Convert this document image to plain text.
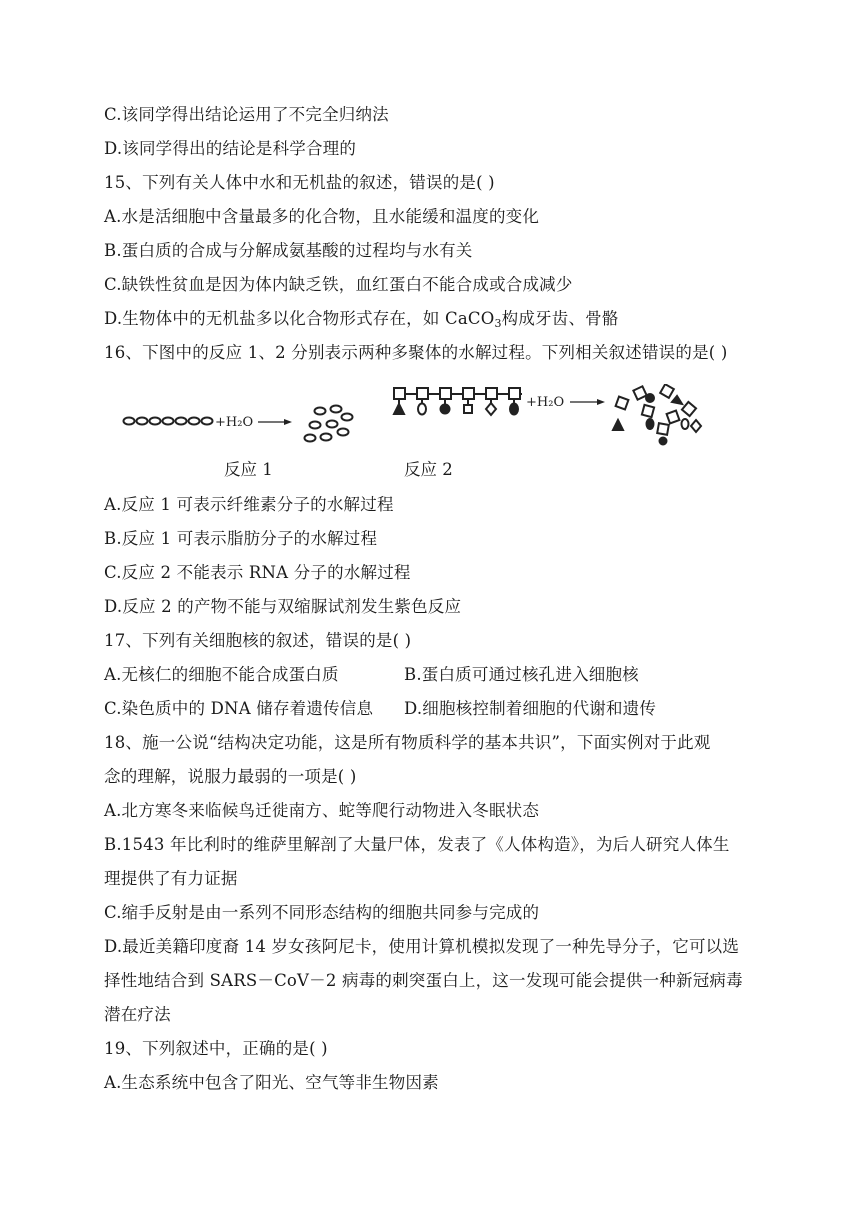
C.该同学得出结论运用了不完全归纳法
D.该同学得出的结论是科学合理的
15、下列有关人体中水和无机盐的叙述，错误的是( )
A.水是活细胞中含量最多的化合物，且水能缓和温度的变化
B.蛋白质的合成与分解成氨基酸的过程均与水有关
C.缺铁性贫血是因为体内缺乏铁，血红蛋白不能合成或合成减少
D.生物体中的无机盐多以化合物形式存在，如 CaCO$_3$构成牙齿、骨骼
16、下图中的反应 1、2 分别表示两种多聚体的水解过程。下列相关叙述错误的是( )
+H₂O
+H₂O
反应 1	反应 2
A.反应 1 可表示纤维素分子的水解过程
B.反应 1 可表示脂肪分子的水解过程
C.反应 2 不能表示 RNA 分子的水解过程
D.反应 2 的产物不能与双缩脲试剂发生紫色反应
17、下列有关细胞核的叙述，错误的是( )
A.无核仁的细胞不能合成蛋白质	B.蛋白质可通过核孔进入细胞核
C.染色质中的 DNA 储存着遗传信息 D.细胞核控制着细胞的代谢和遗传
18、施一公说“结构决定功能，这是所有物质科学的基本共识”，下面实例对于此观
念的理解，说服力最弱的一项是( )
A.北方寒冬来临候鸟迁徙南方、蛇等爬行动物进入冬眠状态
B.1543 年比利时的维萨里解剖了大量尸体，发表了《人体构造》，为后人研究人体生
理提供了有力证据
C.缩手反射是由一系列不同形态结构的细胞共同参与完成的
D.最近美籍印度裔 14 岁女孩阿尼卡，使用计算机模拟发现了一种先导分子，它可以选
择性地结合到 SARS－CoV－2 病毒的刺突蛋白上，这一发现可能会提供一种新冠病毒
潜在疗法
19、下列叙述中，正确的是( )
A.生态系统中包含了阳光、空气等非生物因素
